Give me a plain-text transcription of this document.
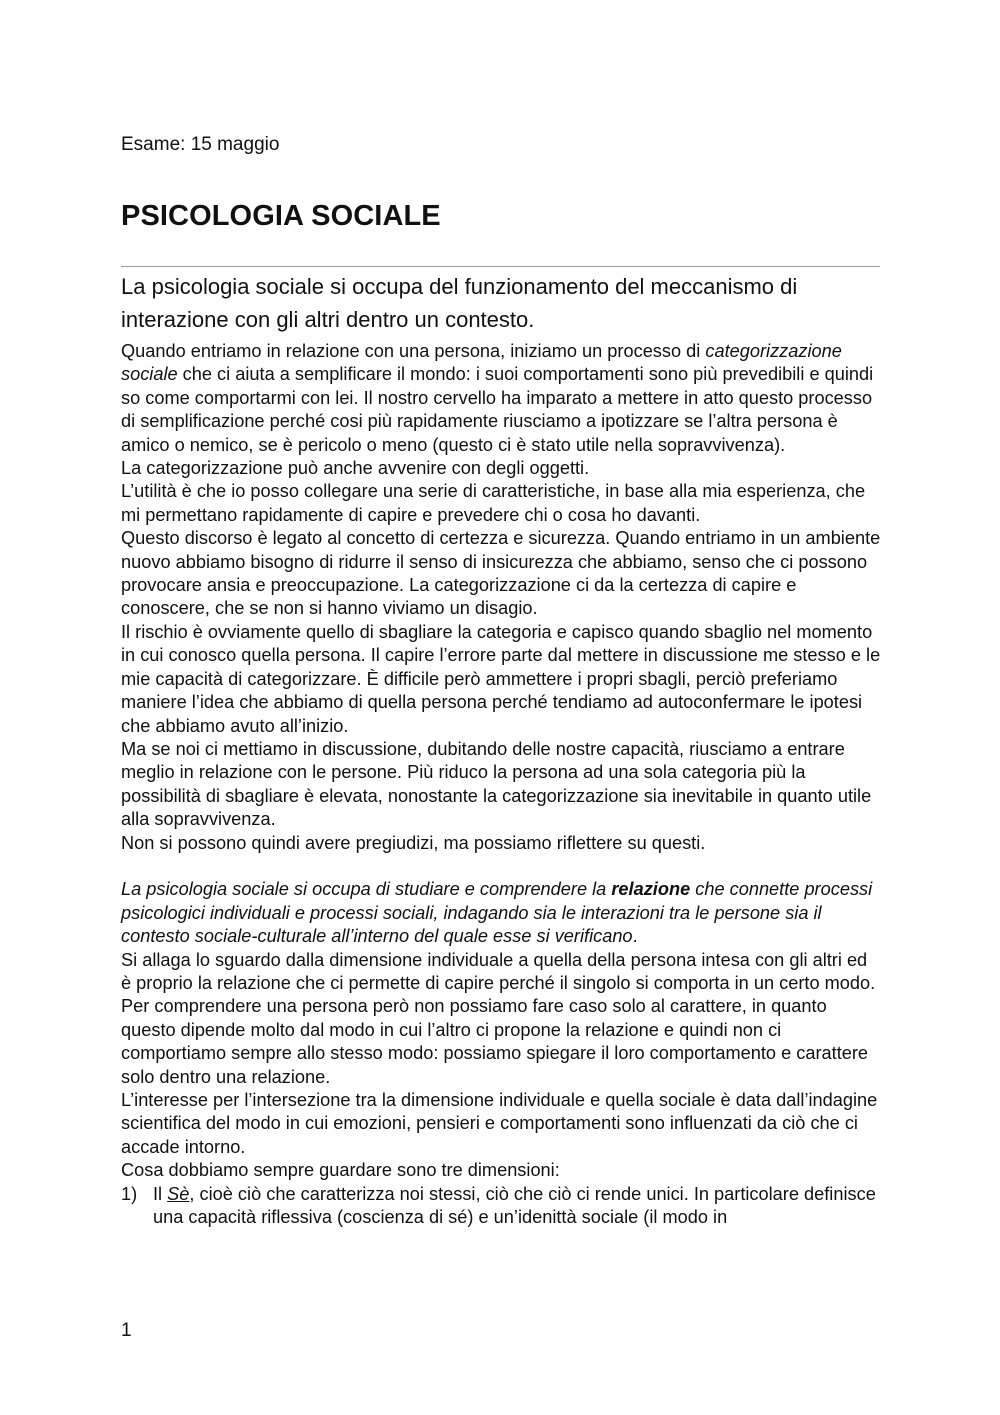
Esame: 15 maggio
PSICOLOGIA SOCIALE
La psicologia sociale si occupa del funzionamento del meccanismo di interazione con gli altri dentro un contesto.

Quando entriamo in relazione con una persona, iniziamo un processo di categorizzazione sociale che ci aiuta a semplificare il mondo: i suoi comportamenti sono più prevedibili e quindi so come comportarmi con lei. Il nostro cervello ha imparato a mettere in atto questo processo di semplificazione perché cosi più rapidamente riusciamo a ipotizzare se l’altra persona è amico o nemico, se è pericolo o meno (questo ci è stato utile nella sopravvivenza).

La categorizzazione può anche avvenire con degli oggetti.

L’utilità è che io posso collegare una serie di caratteristiche, in base alla mia esperienza, che mi permettano rapidamente di capire e prevedere chi o cosa ho davanti.

Questo discorso è legato al concetto di certezza e sicurezza. Quando entriamo in un ambiente nuovo abbiamo bisogno di ridurre il senso di insicurezza che abbiamo, senso che ci possono provocare ansia e preoccupazione. La categorizzazione ci da la certezza di capire e conoscere, che se non si hanno viviamo un disagio.

Il rischio è ovviamente quello di sbagliare la categoria e capisco quando sbaglio nel momento in cui conosco quella persona. Il capire l’errore parte dal mettere in discussione me stesso e le mie capacità di categorizzare. È difficile però ammettere i propri sbagli, perciò preferiamo maniere l’idea che abbiamo di quella persona perché tendiamo ad autoconfermare le ipotesi che abbiamo avuto all’inizio.

Ma se noi ci mettiamo in discussione, dubitando delle nostre capacità, riusciamo a entrare meglio in relazione con le persone. Più riduco la persona ad una sola categoria più la possibilità di sbagliare è elevata, nonostante la categorizzazione sia inevitabile in quanto utile alla sopravvivenza.

Non si possono quindi avere pregiudizi, ma possiamo riflettere su questi.

La psicologia sociale si occupa di studiare e comprendere la relazione che connette processi psicologici individuali e processi sociali, indagando sia le interazioni tra le persone sia il contesto sociale-culturale all’interno del quale esse si verificano.

Si allaga lo sguardo dalla dimensione individuale a quella della persona intesa con gli altri ed è proprio la relazione che ci permette di capire perché il singolo si comporta in un certo modo. Per comprendere una persona però non possiamo fare caso solo al carattere, in quanto questo dipende molto dal modo in cui l’altro ci propone la relazione e quindi non ci comportiamo sempre allo stesso modo: possiamo spiegare il loro comportamento e carattere solo dentro una relazione.

L’interesse per l’intersezione tra la dimensione individuale e quella sociale è data dall’indagine scientifica del modo in cui emozioni, pensieri e comportamenti sono influenzati da ciò che ci accade intorno.

Cosa dobbiamo sempre guardare sono tre dimensioni:

1) Il Sè, cioè ciò che caratterizza noi stessi, ciò che ciò ci rende unici. In particolare definisce una capacità riflessiva (coscienza di sé) e un’idenittà sociale (il modo in
1
